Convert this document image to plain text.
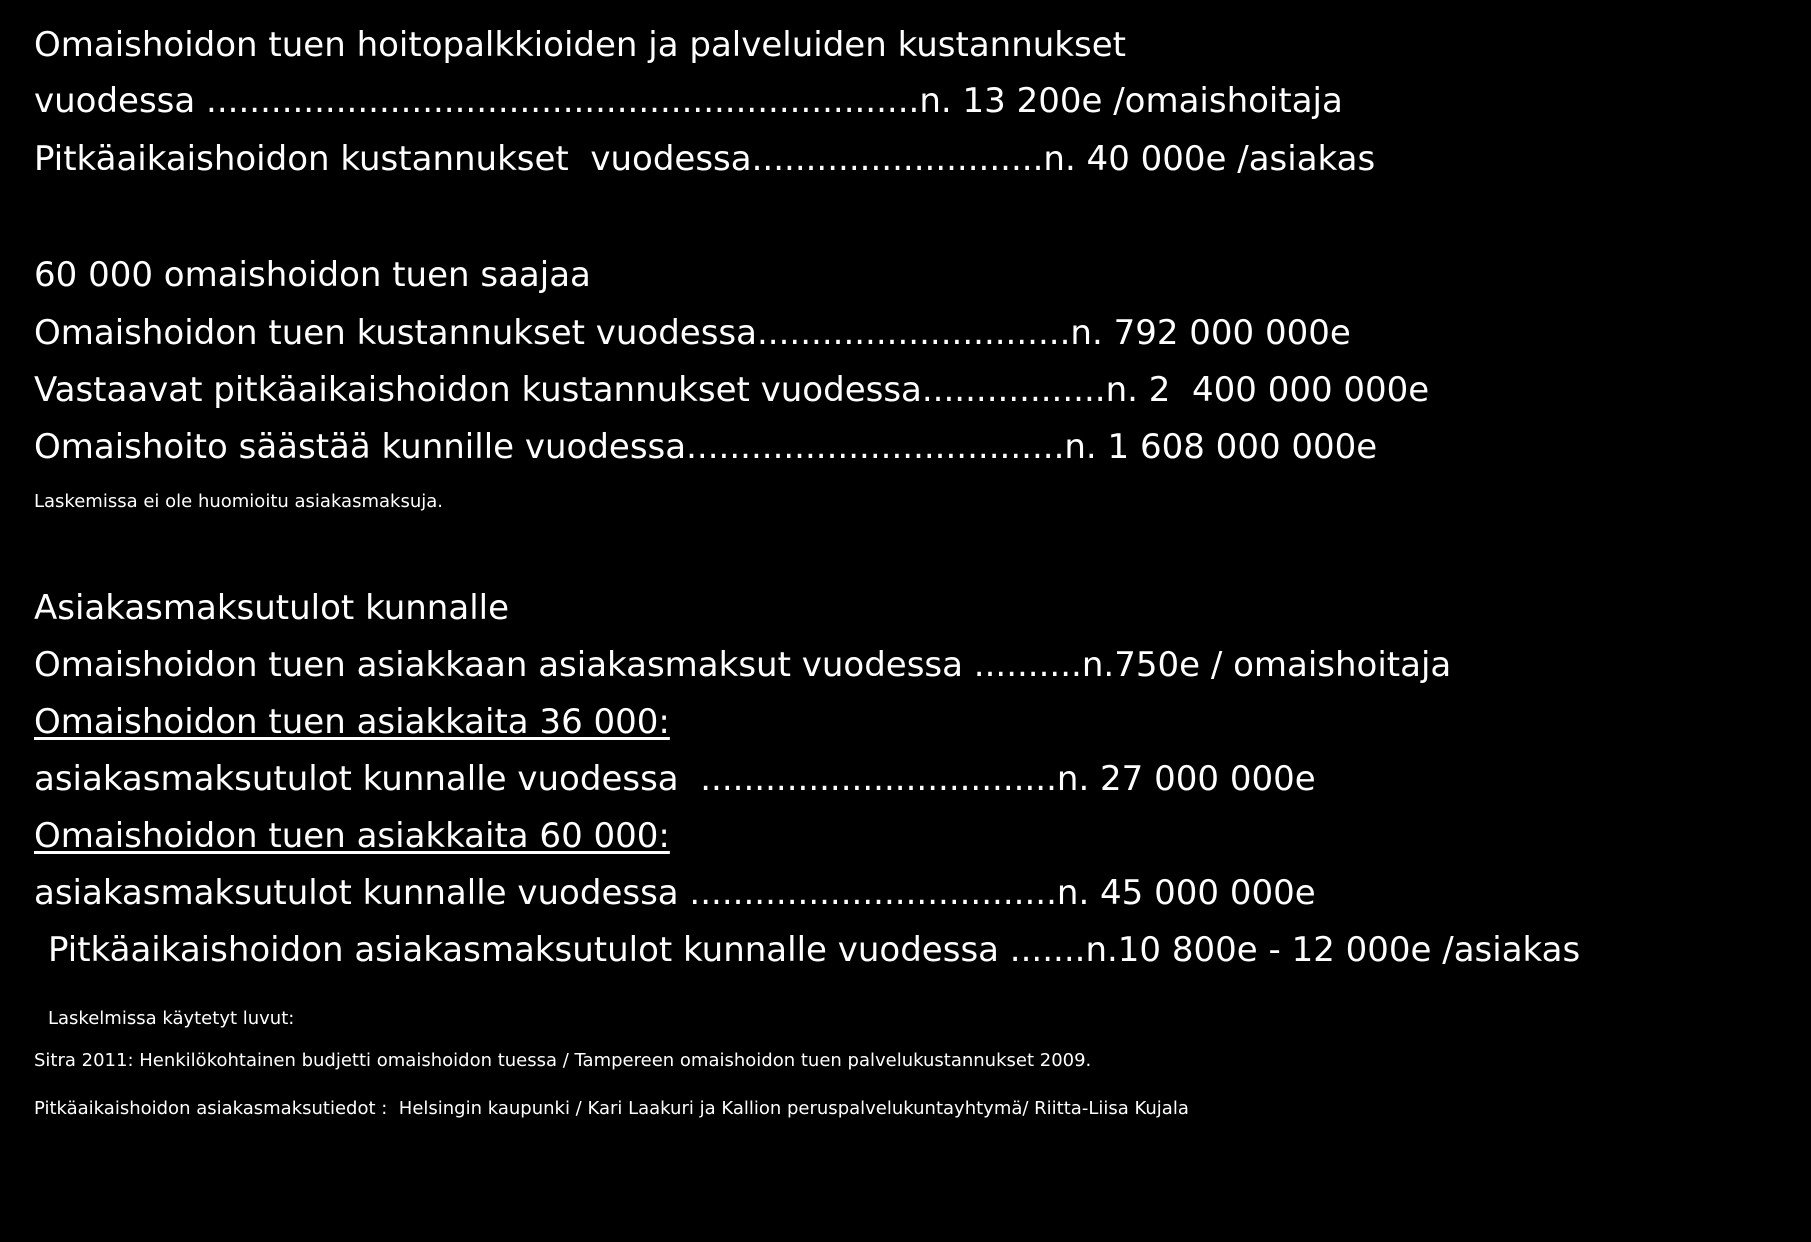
Omaishoidon tuen hoitopalkkioiden ja palveluiden kustannukset
vuodessa ..................................................................n. 13 200e /omaishoitaja
Pitkäaikaishoidon kustannukset  vuodessa...........................n. 40 000e /asiakas
60 000 omaishoidon tuen saajaa
Omaishoidon tuen kustannukset vuodessa.............................n. 792 000 000e
Vastaavat pitkäaikaishoidon kustannukset vuodessa.................n. 2  400 000 000e
Omaishoito säästää kunnille vuodessa...................................n. 1 608 000 000e
Laskemissa ei ole huomioitu asiakasmaksuja.
Asiakasmaksutulot kunnalle
Omaishoidon tuen asiakkaan asiakasmaksut vuodessa ..........n.750e / omaishoitaja
Omaishoidon tuen asiakkaita 36 000:
asiakasmaksutulot kunnalle vuodessa  .................................n. 27 000 000e
Omaishoidon tuen asiakkaita 60 000:
asiakasmaksutulot kunnalle vuodessa ..................................n. 45 000 000e
Pitkäaikaishoidon asiakasmaksutulot kunnalle vuodessa .......n.10 800e - 12 000e /asiakas
Laskelmissa käytetyt luvut:
Sitra 2011: Henkilökohtainen budjetti omaishoidon tuessa / Tampereen omaishoidon tuen palvelukustannukset 2009.
Pitkäaikaishoidon asiakasmaksutiedot :  Helsingin kaupunki / Kari Laakuri ja Kallion peruspalvelukuntayhtymä/ Riitta-Liisa Kujala
